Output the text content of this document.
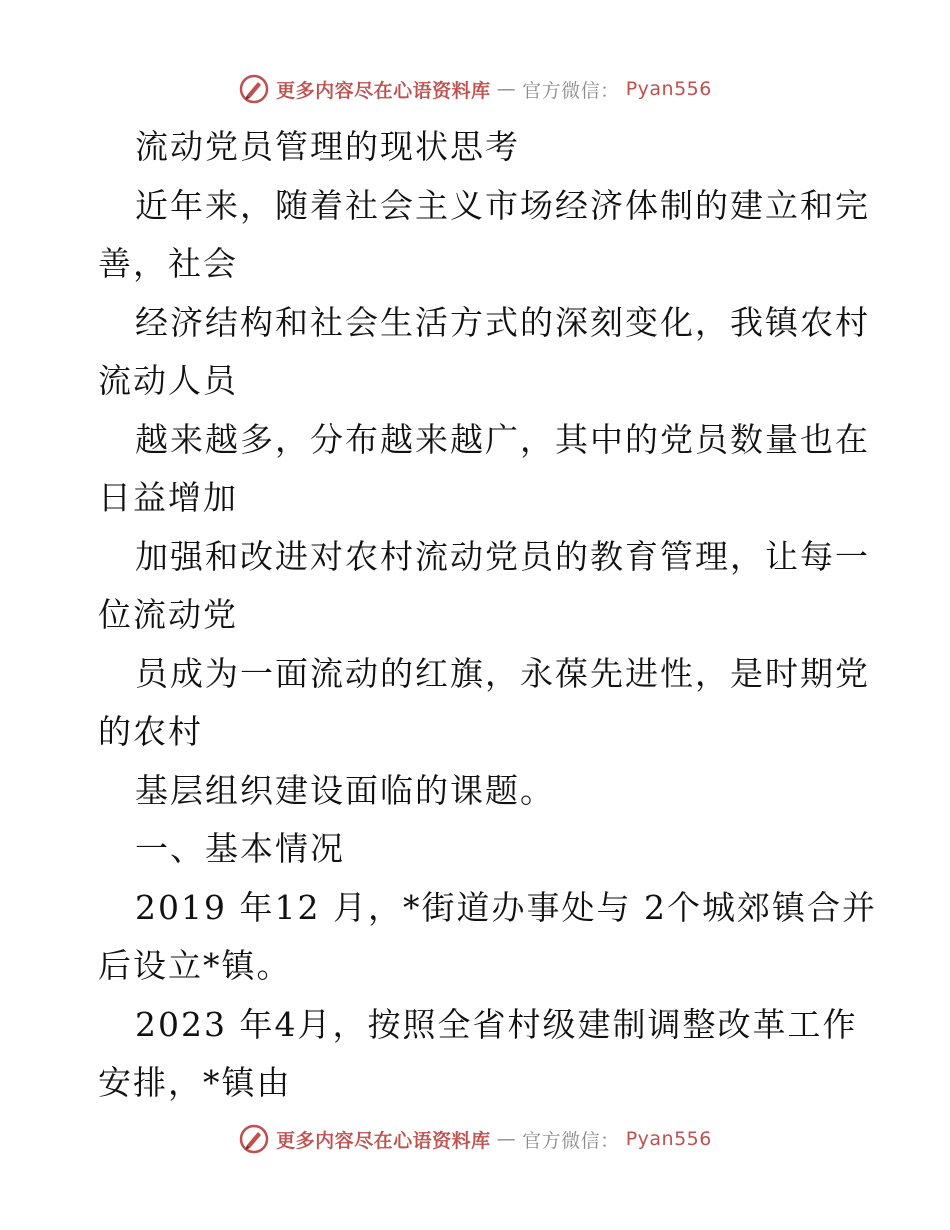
更多内容尽在心语资料库 — 官方微信： Pyan556
流动党员管理的现状思考
近年来，随着社会主义市场经济体制的建立和完
善，社会
经济结构和社会生活方式的深刻变化，我镇农村
流动人员
越来越多，分布越来越广，其中的党员数量也在
日益增加
加强和改进对农村流动党员的教育管理，让每一
位流动党
员成为一面流动的红旗，永葆先进性，是时期党
的农村
基层组织建设面临的课题。
一、基本情况
2019 年12 月，*街道办事处与 2个城郊镇合并
后设立*镇。
2023 年4月，按照全省村级建制调整改革工作
安排，*镇由
更多内容尽在心语资料库 — 官方微信： Pyan556
